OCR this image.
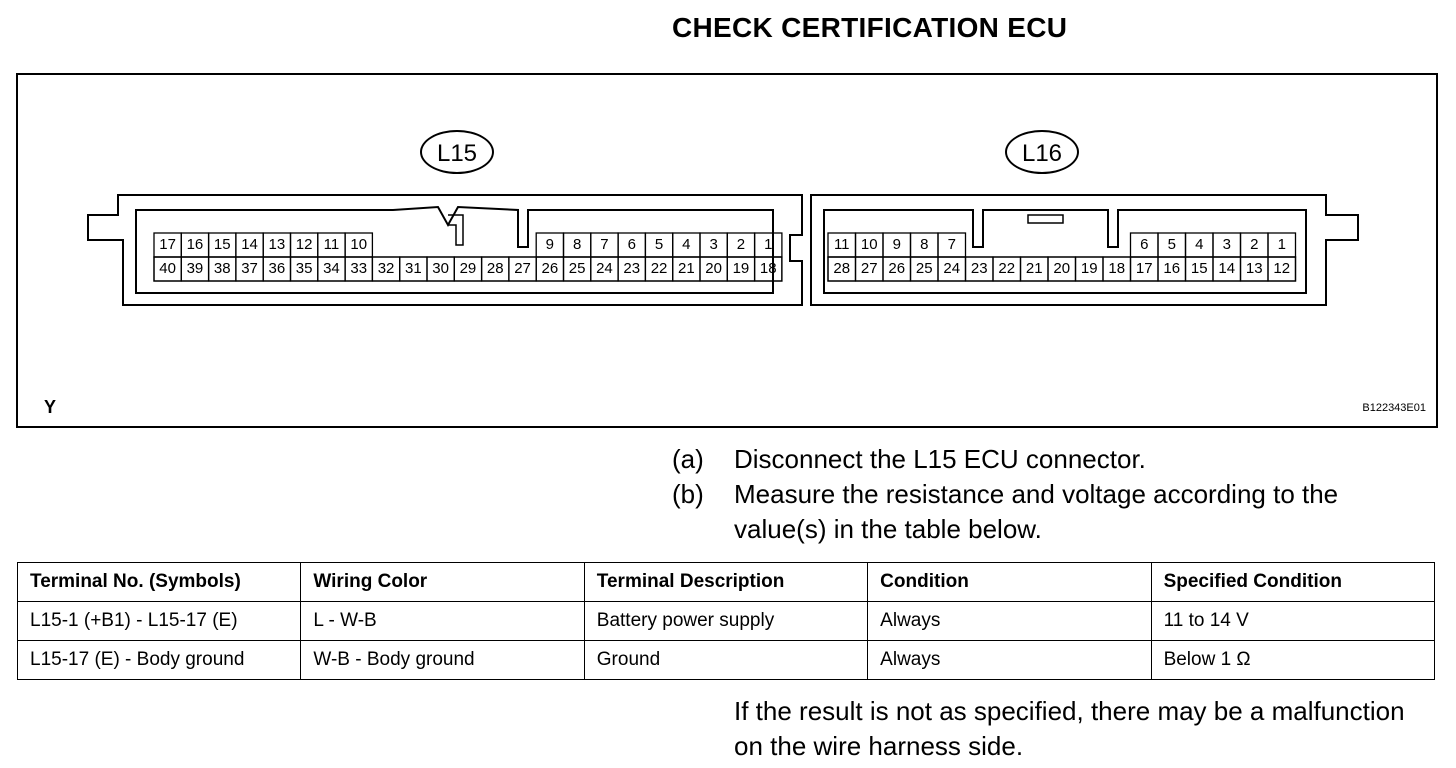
CHECK CERTIFICATION ECU
L15	L16
17 16 15 14 13 12 11 10	9	8	7	6	5	4	3	2	1
40 39 38 37 36 35 34 33 32 31 30 29 28 27 26 25 24 23 22 21 20 19 18
11 10 9	8	7	6	5	4	3	2	1
28 27 26 25 24 23 22 21 20 19 18 17 16 15 14 13 12
Y	B122343E01
(a)	Disconnect the L15 ECU connector.
(b)	Measure the resistance and voltage according to the value(s) in the table below.
Terminal No. (Symbols)	Wiring Color	Terminal Description	Condition	Specified Condition
L15-1 (+B1) - L15-17 (E)	L - W-B	Battery power supply	Always	11 to 14 V
L15-17 (E) - Body ground	W-B - Body ground	Ground	Always	Below 1 Ω
If the result is not as specified, there may be a malfunction on the wire harness side.
